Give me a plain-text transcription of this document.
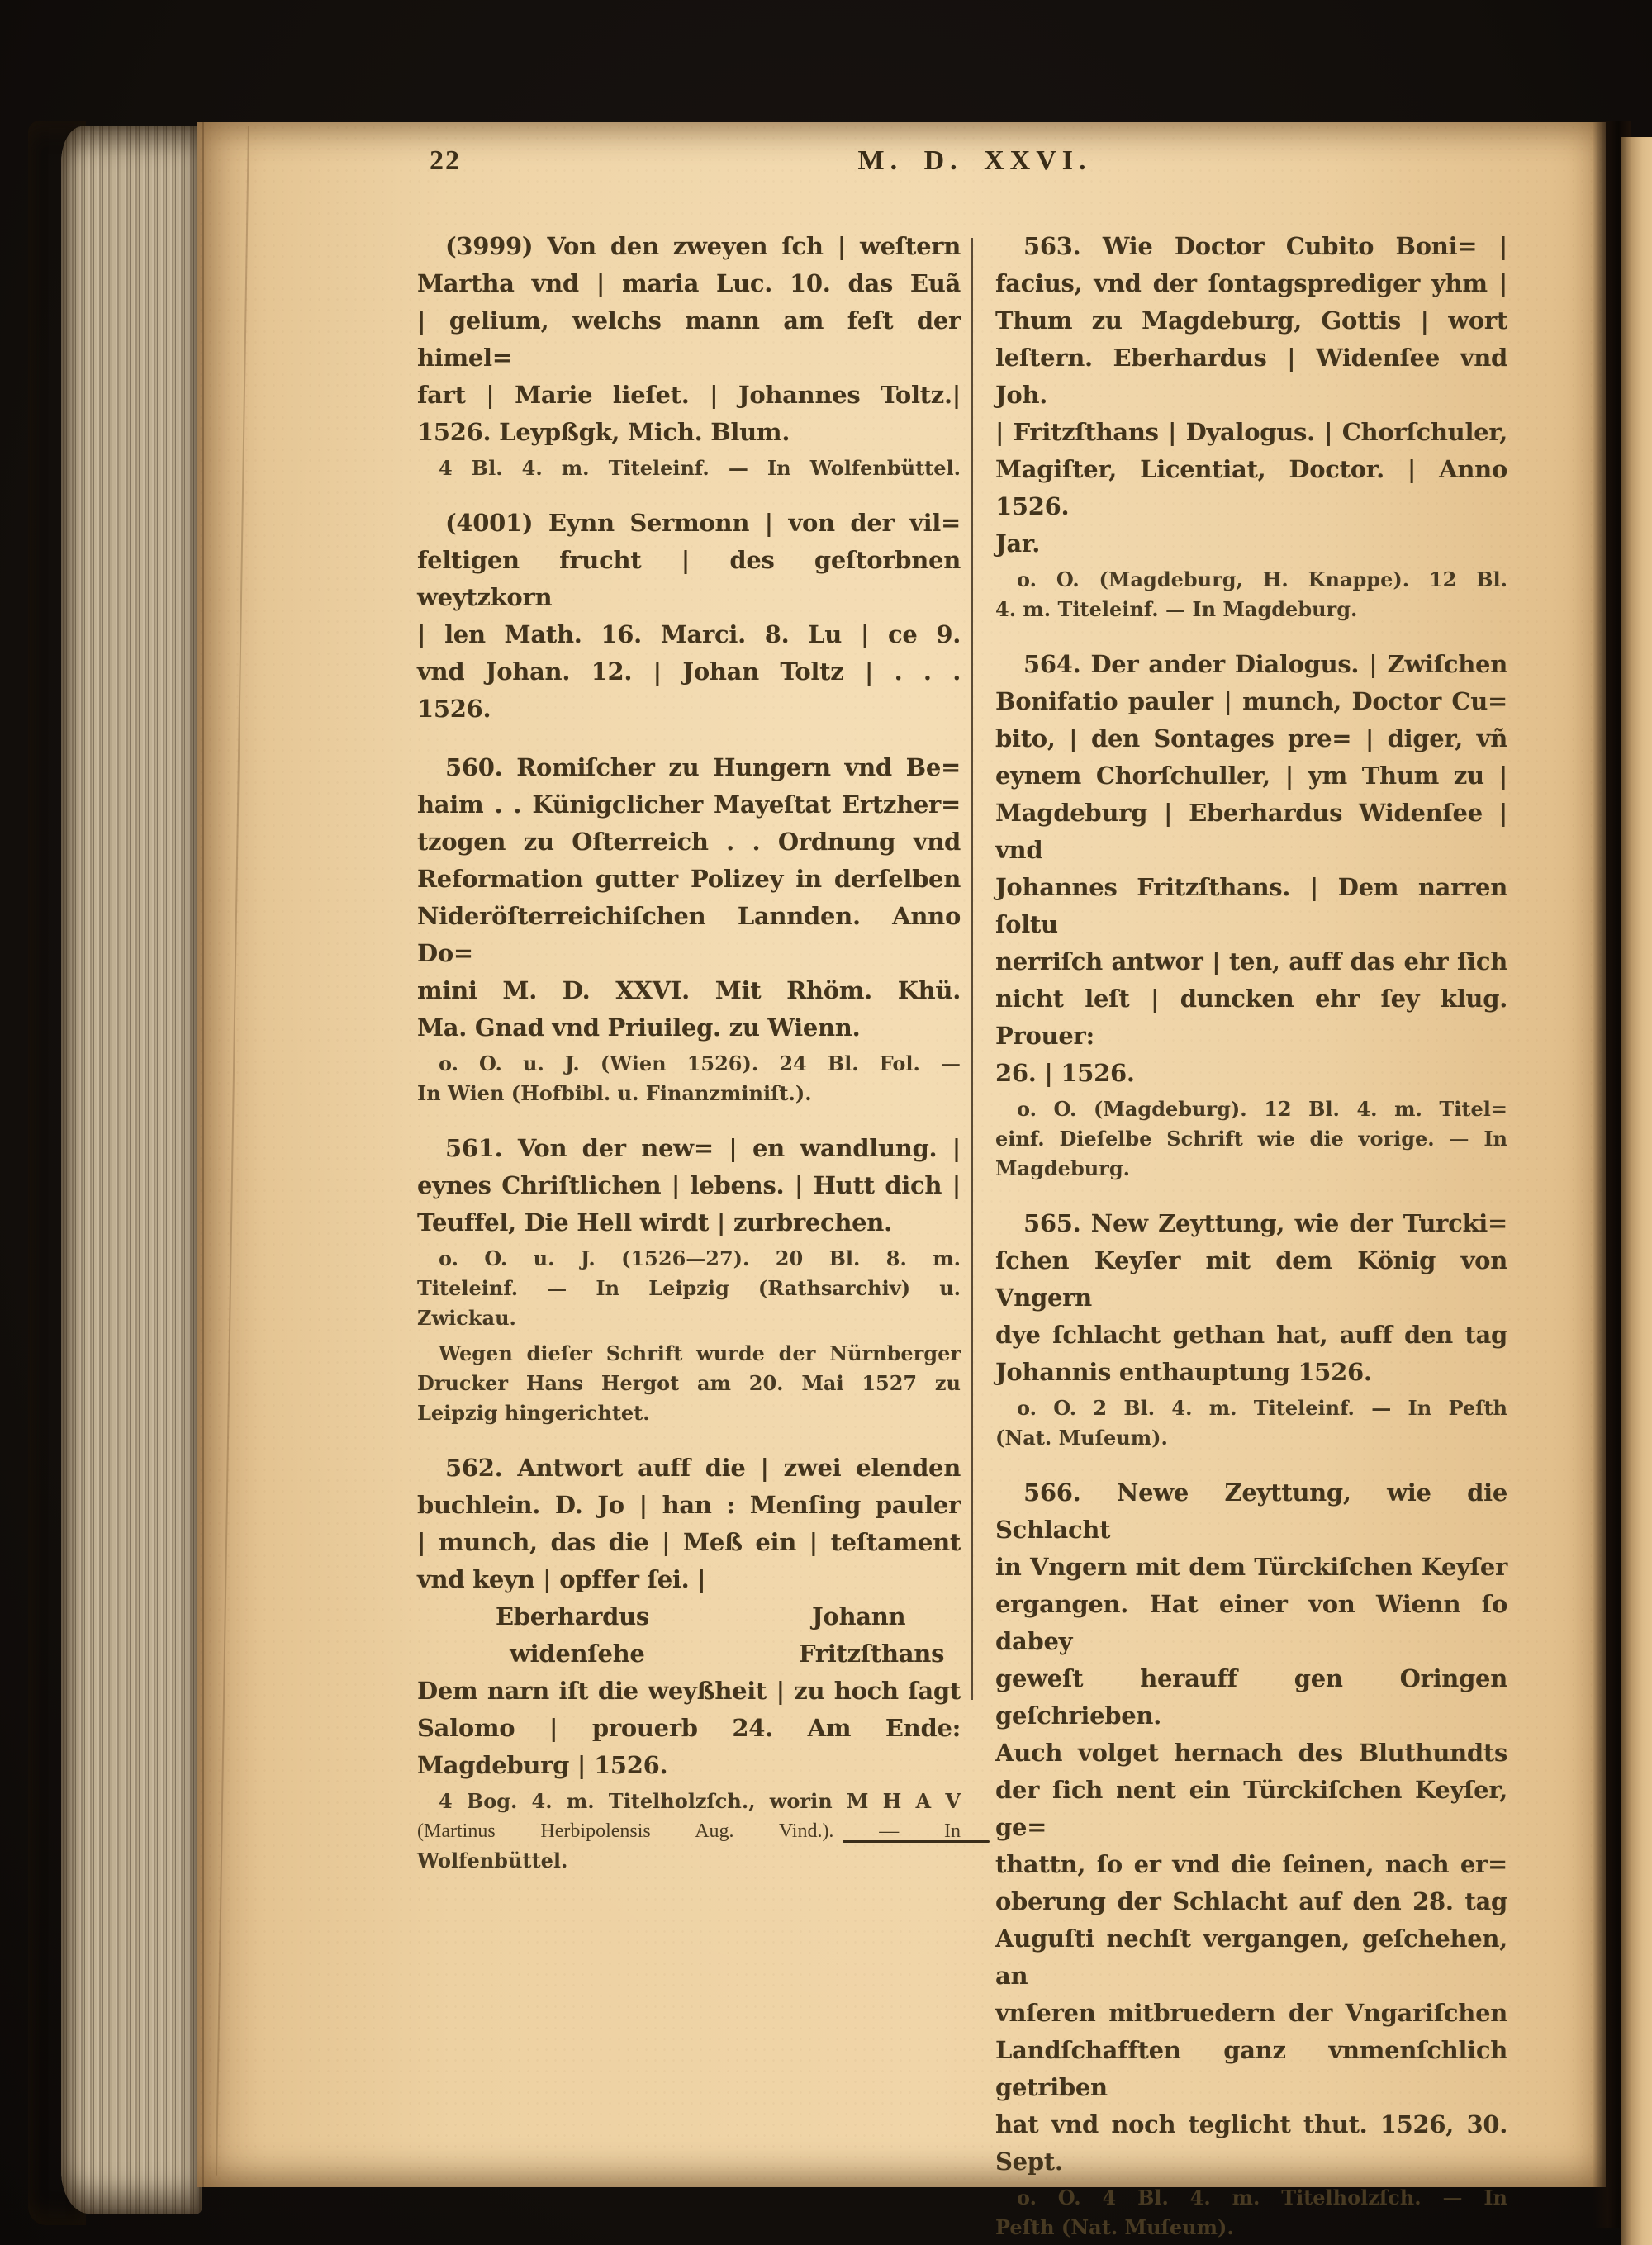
22	M. D. XXVI.
(3999) Von den zweyen ſch | weſtern
Martha vnd | maria Luc. 10. das Euã
| gelium, welchs mann am feſt der himel=
fart | Marie lieſet. | Johannes Toltz.|
1526. Leypßgk, Mich. Blum.
4 Bl. 4. m. Titeleinf. — In Wolfenbüttel.
(4001) Eynn Sermonn | von der vil=
feltigen frucht | des geſtorbnen weytzkorn
| len Math. 16. Marci. 8. Lu | ce 9.
vnd Johan. 12. | Johan Toltz | . . .
1526.
560. Romiſcher zu Hungern vnd Be=
haim . . Künigclicher Mayeſtat Ertzher=
tzogen zu Oſterreich . . Ordnung vnd
Reformation gutter Polizey in derſelben
Nideröſterreichiſchen Lannden. Anno Do=
mini M. D. XXVI. Mit Rhöm. Khü.
Ma. Gnad vnd Priuileg. zu Wienn.
o. O. u. J. (Wien 1526). 24 Bl. Fol. —
In Wien (Hofbibl. u. Finanzminiſt.).
561. Von der new= | en wandlung. |
eynes Chriſtlichen | lebens. | Hutt dich |
Teuffel, Die Hell wirdt | zurbrechen.
o. O. u. J. (1526—27). 20 Bl. 8. m.
Titeleinf. — In Leipzig (Rathsarchiv) u.
Zwickau.
Wegen dieſer Schrift wurde der Nürnberger
Drucker Hans Hergot am 20. Mai 1527 zu
Leipzig hingerichtet.
562. Antwort auff die | zwei elenden
buchlein. D. Jo | han : Menſing pauler
| munch, das die | Meß ein | teſtament
vnd keyn | opffer ſei. |
Eberhardus	Johann
widenſehe	Fritzſthans
Dem narn iſt die weyßheit | zu hoch ſagt
Salomo | prouerb 24. Am Ende:
Magdeburg | 1526.
4 Bog. 4. m. Titelholzſch., worin M H A V
(Martinus Herbipolensis Aug. Vind.). — In
Wolfenbüttel.
563. Wie Doctor Cubito Boni= |
facius, vnd der ſontagsprediger yhm |
Thum zu Magdeburg, Gottis | wort
leſtern. Eberhardus | Widenſee vnd Joh.
| Fritzſthans | Dyalogus. | Chorſchuler,
Magiſter, Licentiat, Doctor. | Anno 1526.
Jar.
o. O. (Magdeburg, H. Knappe). 12 Bl.
4. m. Titeleinf. — In Magdeburg.
564. Der ander Dialogus. | Zwiſchen
Bonifatio pauler | munch, Doctor Cu=
bito, | den Sontages pre= | diger, vñ
eynem Chorſchuller, | ym Thum zu |
Magdeburg | Eberhardus Widenſee | vnd
Johannes Fritzſthans. | Dem narren ſoltu
nerriſch antwor | ten, auff das ehr ſich
nicht leſt | duncken ehr ſey klug. Prouer:
26. | 1526.
o. O. (Magdeburg). 12 Bl. 4. m. Titel=
einf. Dieſelbe Schrift wie die vorige. — In
Magdeburg.
565. New Zeyttung, wie der Turcki=
ſchen Keyſer mit dem König von Vngern
dye ſchlacht gethan hat, auff den tag
Johannis enthauptung 1526.
o. O. 2 Bl. 4. m. Titeleinf. — In Peſth
(Nat. Muſeum).
566. Newe Zeyttung, wie die Schlacht
in Vngern mit dem Türckiſchen Keyſer
ergangen. Hat einer von Wienn ſo dabey
geweſt herauff gen Oringen geſchrieben.
Auch volget hernach des Bluthundts
der ſich nent ein Türckiſchen Keyſer, ge=
thattn, ſo er vnd die ſeinen, nach er=
oberung der Schlacht auf den 28. tag
Auguſti nechſt vergangen, geſchehen, an
vnſeren mitbruedern der Vngariſchen
Landſchafften ganz vnmenſchlich getriben
hat vnd noch teglicht thut. 1526, 30. Sept.
o. O. 4 Bl. 4. m. Titelholzſch. — In
Peſth (Nat. Muſeum).
